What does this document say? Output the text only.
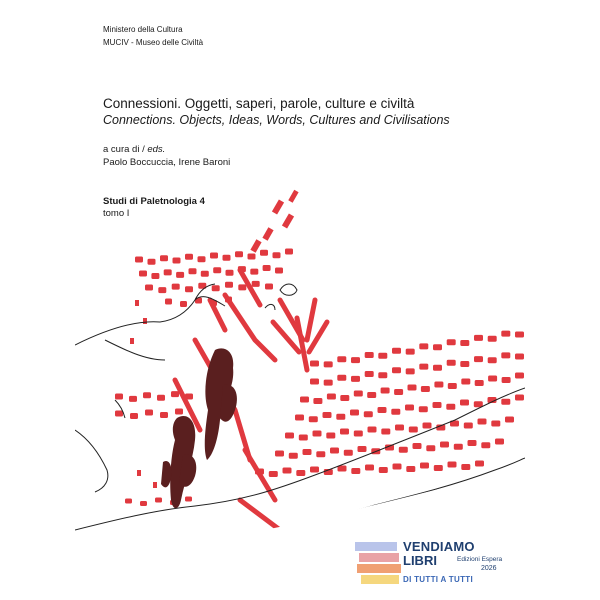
Ministero della Cultura
MUCIV - Museo delle Civiltà
Connessioni. Oggetti, saperi, parole, culture e civiltà
Connections. Objects, Ideas, Words, Cultures and Civilisations
a cura di / eds.
Paolo Boccuccia, Irene Baroni
Studi di Paletnologia 4
tomo I
VENDIAMO
LIBRI	Edizioni Espera
2026
DI TUTTI A TUTTI
